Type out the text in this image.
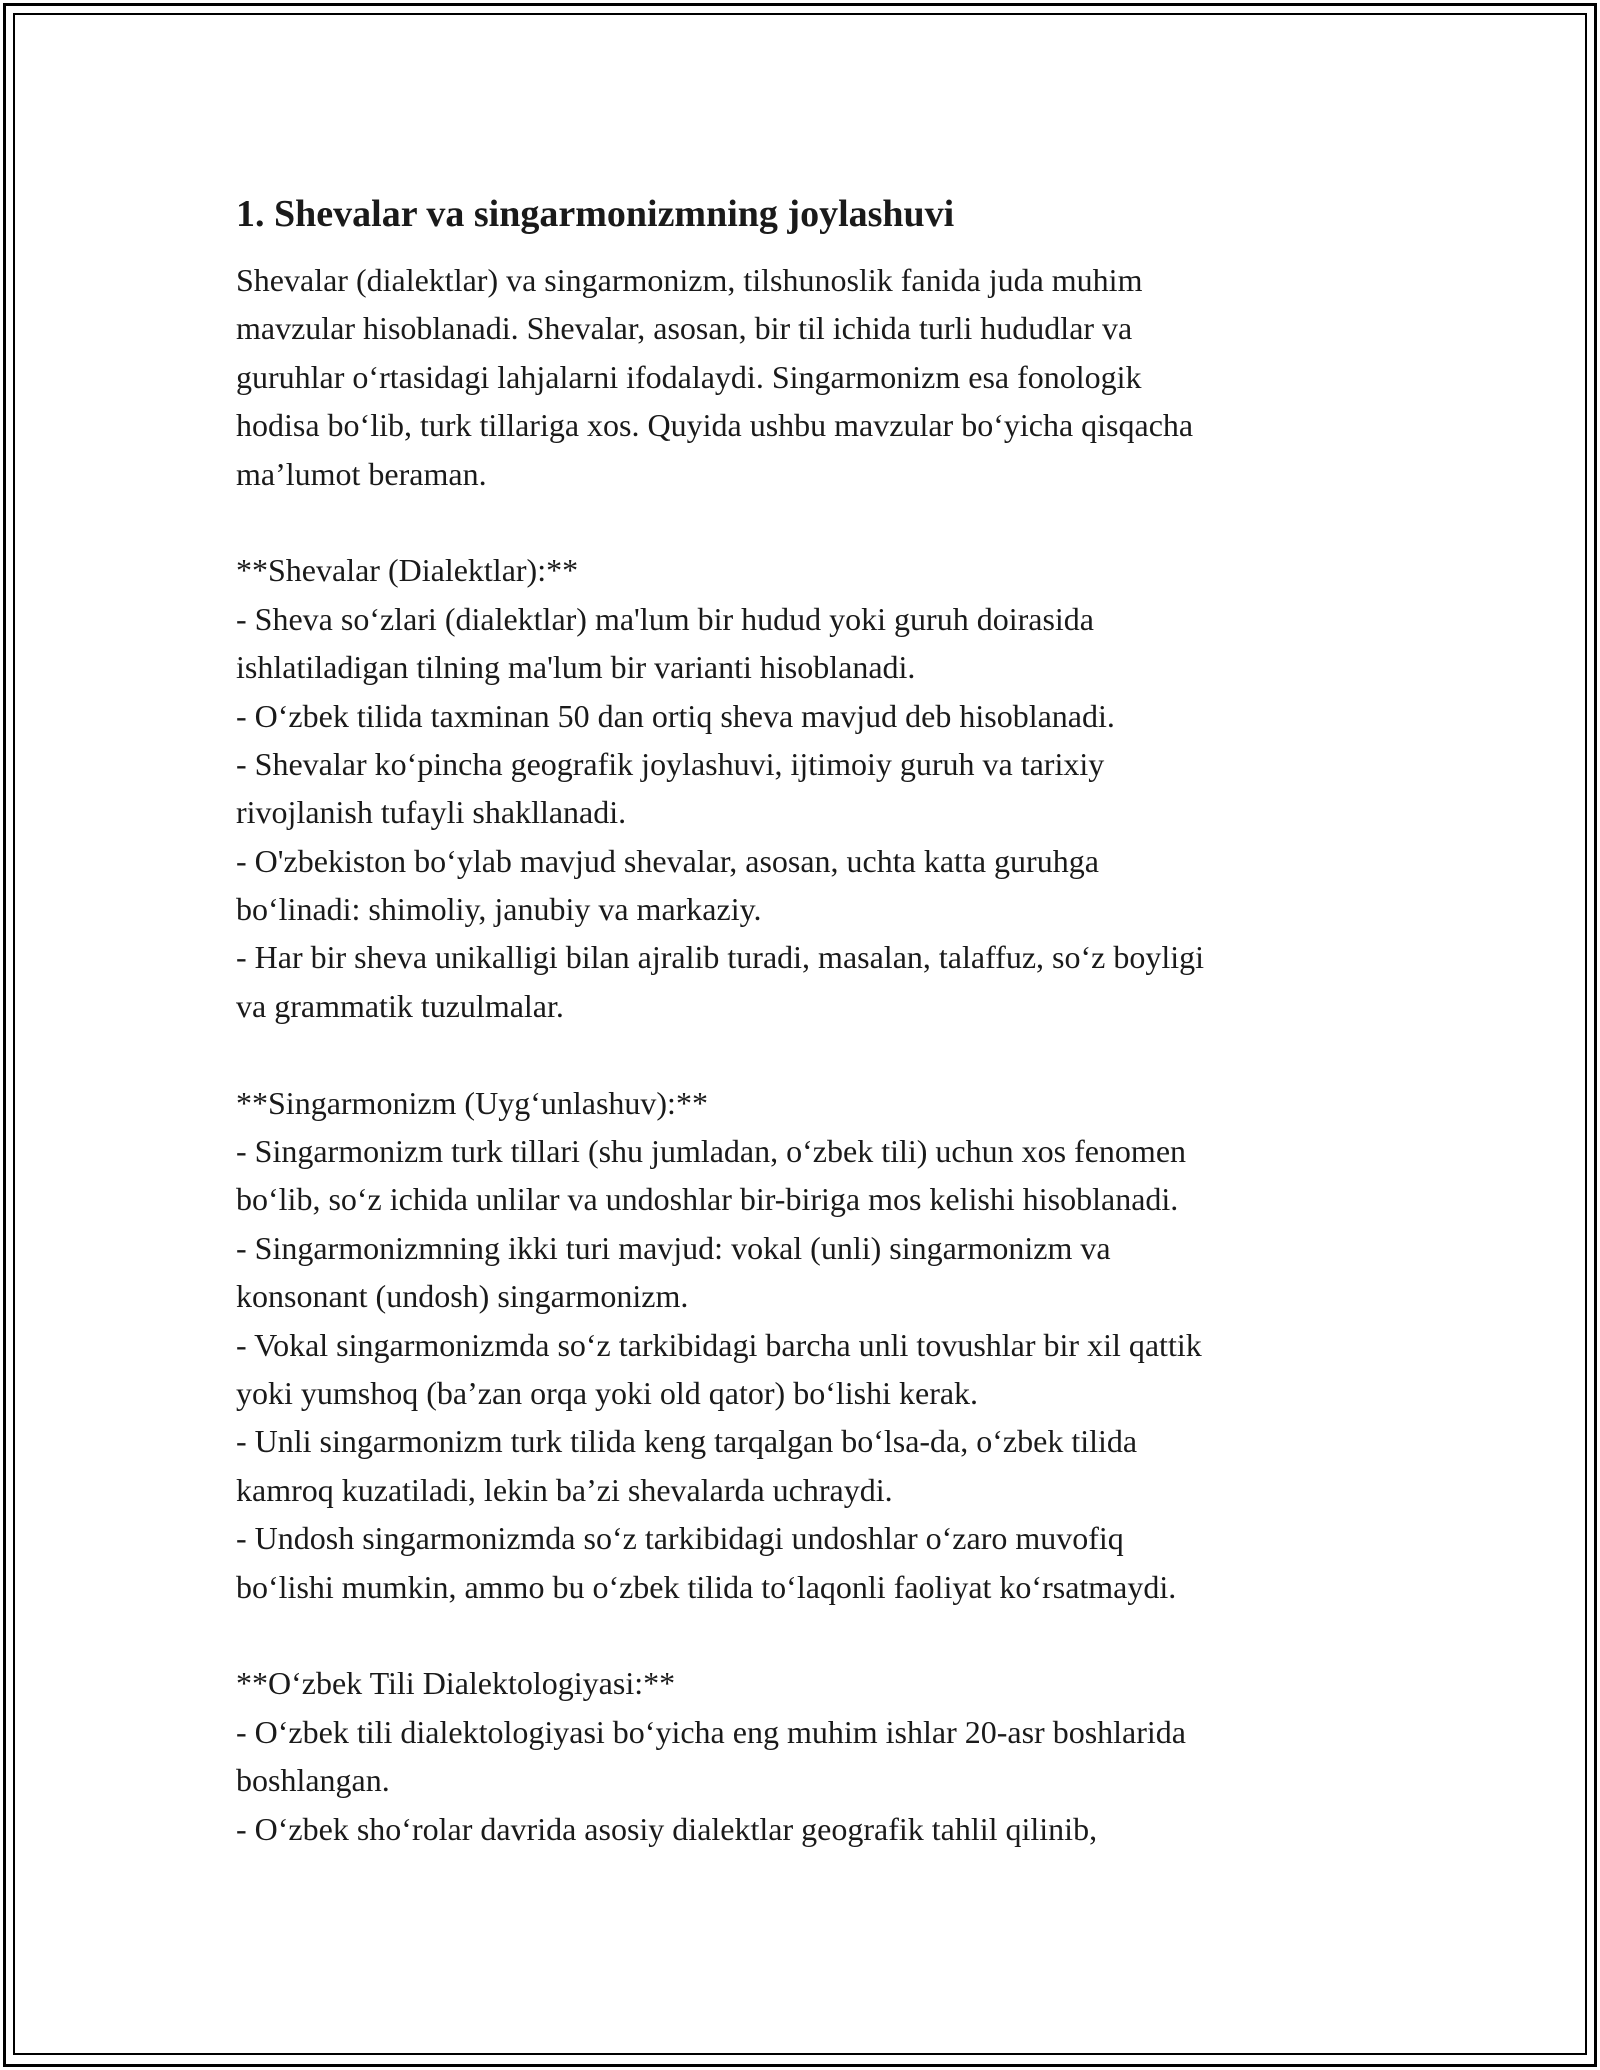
1. Shevalar va singarmonizmning joylashuvi
Shevalar (dialektlar) va singarmonizm, tilshunoslik fanida juda muhim
mavzular hisoblanadi. Shevalar, asosan, bir til ichida turli hududlar va
guruhlar o‘rtasidagi lahjalarni ifodalaydi. Singarmonizm esa fonologik
hodisa bo‘lib, turk tillariga xos. Quyida ushbu mavzular bo‘yicha qisqacha
ma’lumot beraman.
**Shevalar (Dialektlar):**
- Sheva so‘zlari (dialektlar) ma'lum bir hudud yoki guruh doirasida
ishlatiladigan tilning ma'lum bir varianti hisoblanadi.
- O‘zbek tilida taxminan 50 dan ortiq sheva mavjud deb hisoblanadi.
- Shevalar ko‘pincha geografik joylashuvi, ijtimoiy guruh va tarixiy
rivojlanish tufayli shakllanadi.
- O'zbekiston bo‘ylab mavjud shevalar, asosan, uchta katta guruhga
bo‘linadi: shimoliy, janubiy va markaziy.
- Har bir sheva unikalligi bilan ajralib turadi, masalan, talaffuz, so‘z boyligi
va grammatik tuzulmalar.
**Singarmonizm (Uyg‘unlashuv):**
- Singarmonizm turk tillari (shu jumladan, o‘zbek tili) uchun xos fenomen
bo‘lib, so‘z ichida unlilar va undoshlar bir-biriga mos kelishi hisoblanadi.
- Singarmonizmning ikki turi mavjud: vokal (unli) singarmonizm va
konsonant (undosh) singarmonizm.
- Vokal singarmonizmda so‘z tarkibidagi barcha unli tovushlar bir xil qattik
yoki yumshoq (ba’zan orqa yoki old qator) bo‘lishi kerak.
- Unli singarmonizm turk tilida keng tarqalgan bo‘lsa-da, o‘zbek tilida
kamroq kuzatiladi, lekin ba’zi shevalarda uchraydi.
- Undosh singarmonizmda so‘z tarkibidagi undoshlar o‘zaro muvofiq
bo‘lishi mumkin, ammo bu o‘zbek tilida to‘laqonli faoliyat ko‘rsatmaydi.
**O‘zbek Tili Dialektologiyasi:**
- O‘zbek tili dialektologiyasi bo‘yicha eng muhim ishlar 20-asr boshlarida
boshlangan.
- O‘zbek sho‘rolar davrida asosiy dialektlar geografik tahlil qilinib,
